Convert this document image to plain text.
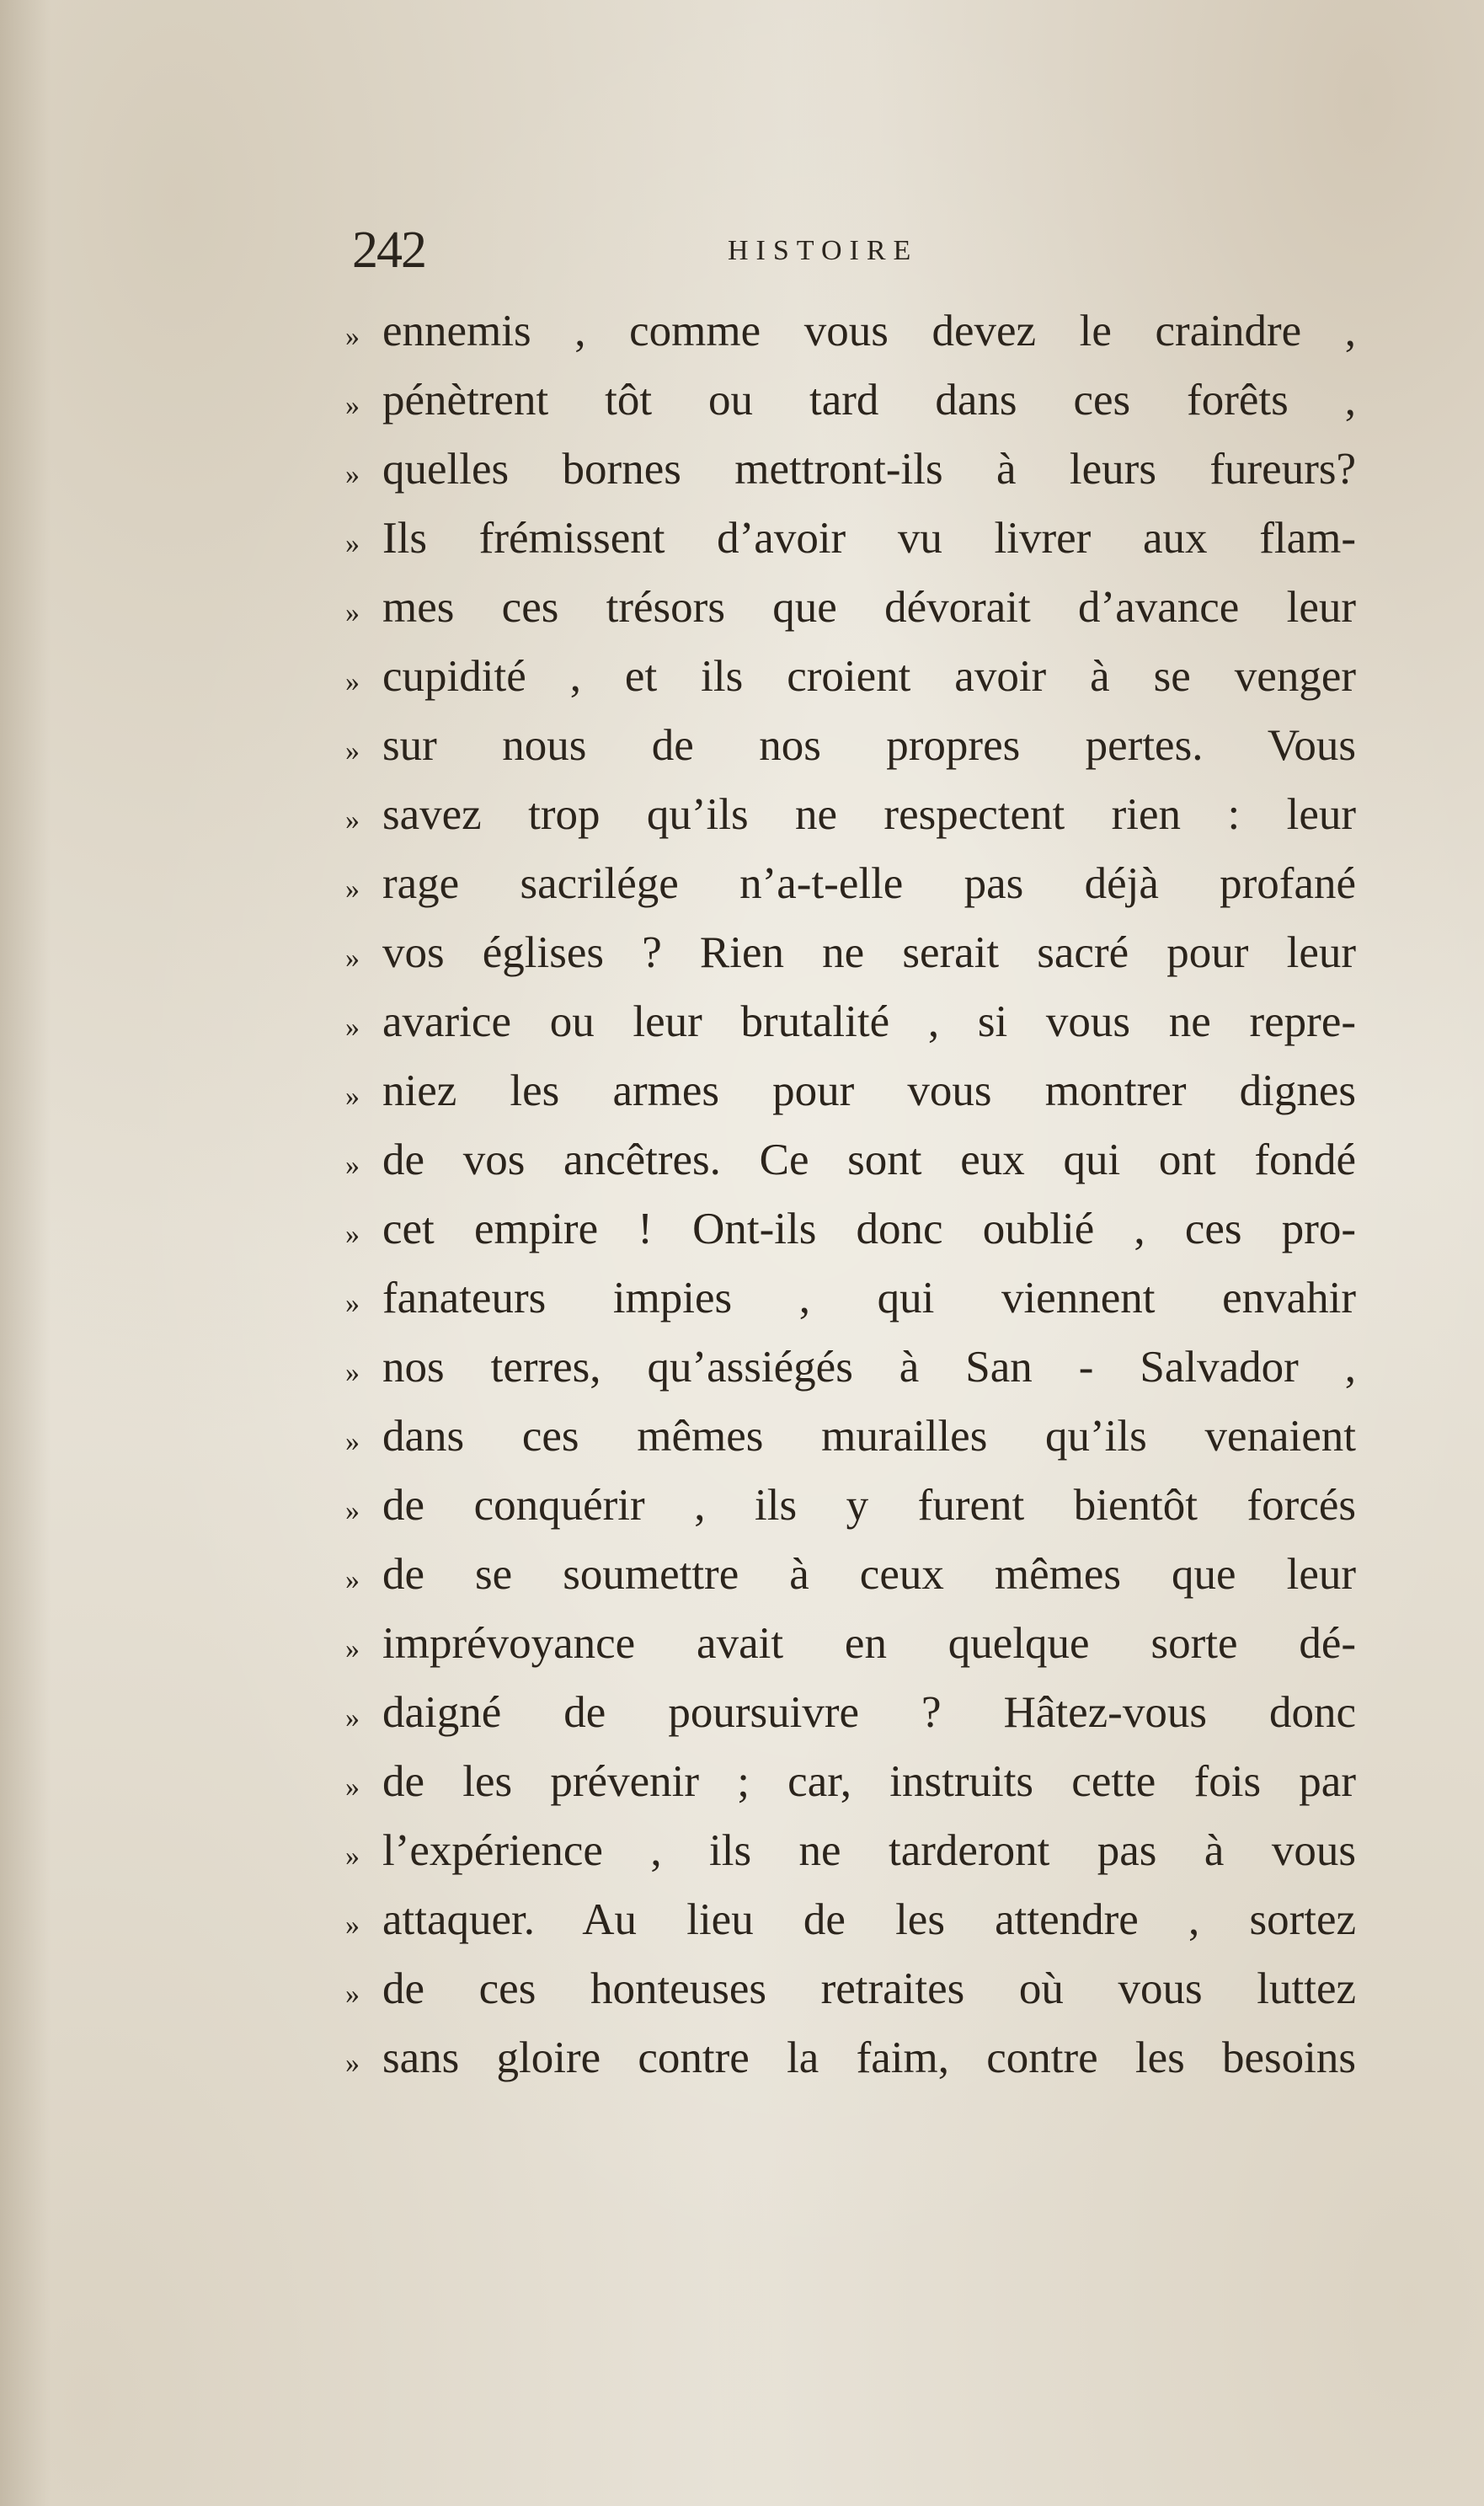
242	HISTOIRE
» ennemis , comme vous devez le craindre ,
» pénètrent tôt ou tard dans ces forêts ,
» quelles bornes mettront-ils à leurs fureurs?
» Ils frémissent d’avoir vu livrer aux flam-
» mes ces trésors que dévorait d’avance leur
» cupidité , et ils croient avoir à se venger
» sur nous de nos propres pertes. Vous
» savez trop qu’ils ne respectent rien : leur
» rage sacrilége n’a-t-elle pas déjà profané
» vos églises ? Rien ne serait sacré pour leur
» avarice ou leur brutalité , si vous ne repre-
» niez les armes pour vous montrer dignes
» de vos ancêtres. Ce sont eux qui ont fondé
» cet empire ! Ont-ils donc oublié , ces pro-
» fanateurs impies , qui viennent envahir
» nos terres, qu’assiégés à San - Salvador ,
» dans ces mêmes murailles qu’ils venaient
» de conquérir , ils y furent bientôt forcés
» de se soumettre à ceux mêmes que leur
» imprévoyance avait en quelque sorte dé-
» daigné de poursuivre ? Hâtez-vous donc
» de les prévenir ; car, instruits cette fois par
» l’expérience , ils ne tarderont pas à vous
» attaquer. Au lieu de les attendre , sortez
» de ces honteuses retraites où vous luttez
» sans gloire contre la faim, contre les besoins
